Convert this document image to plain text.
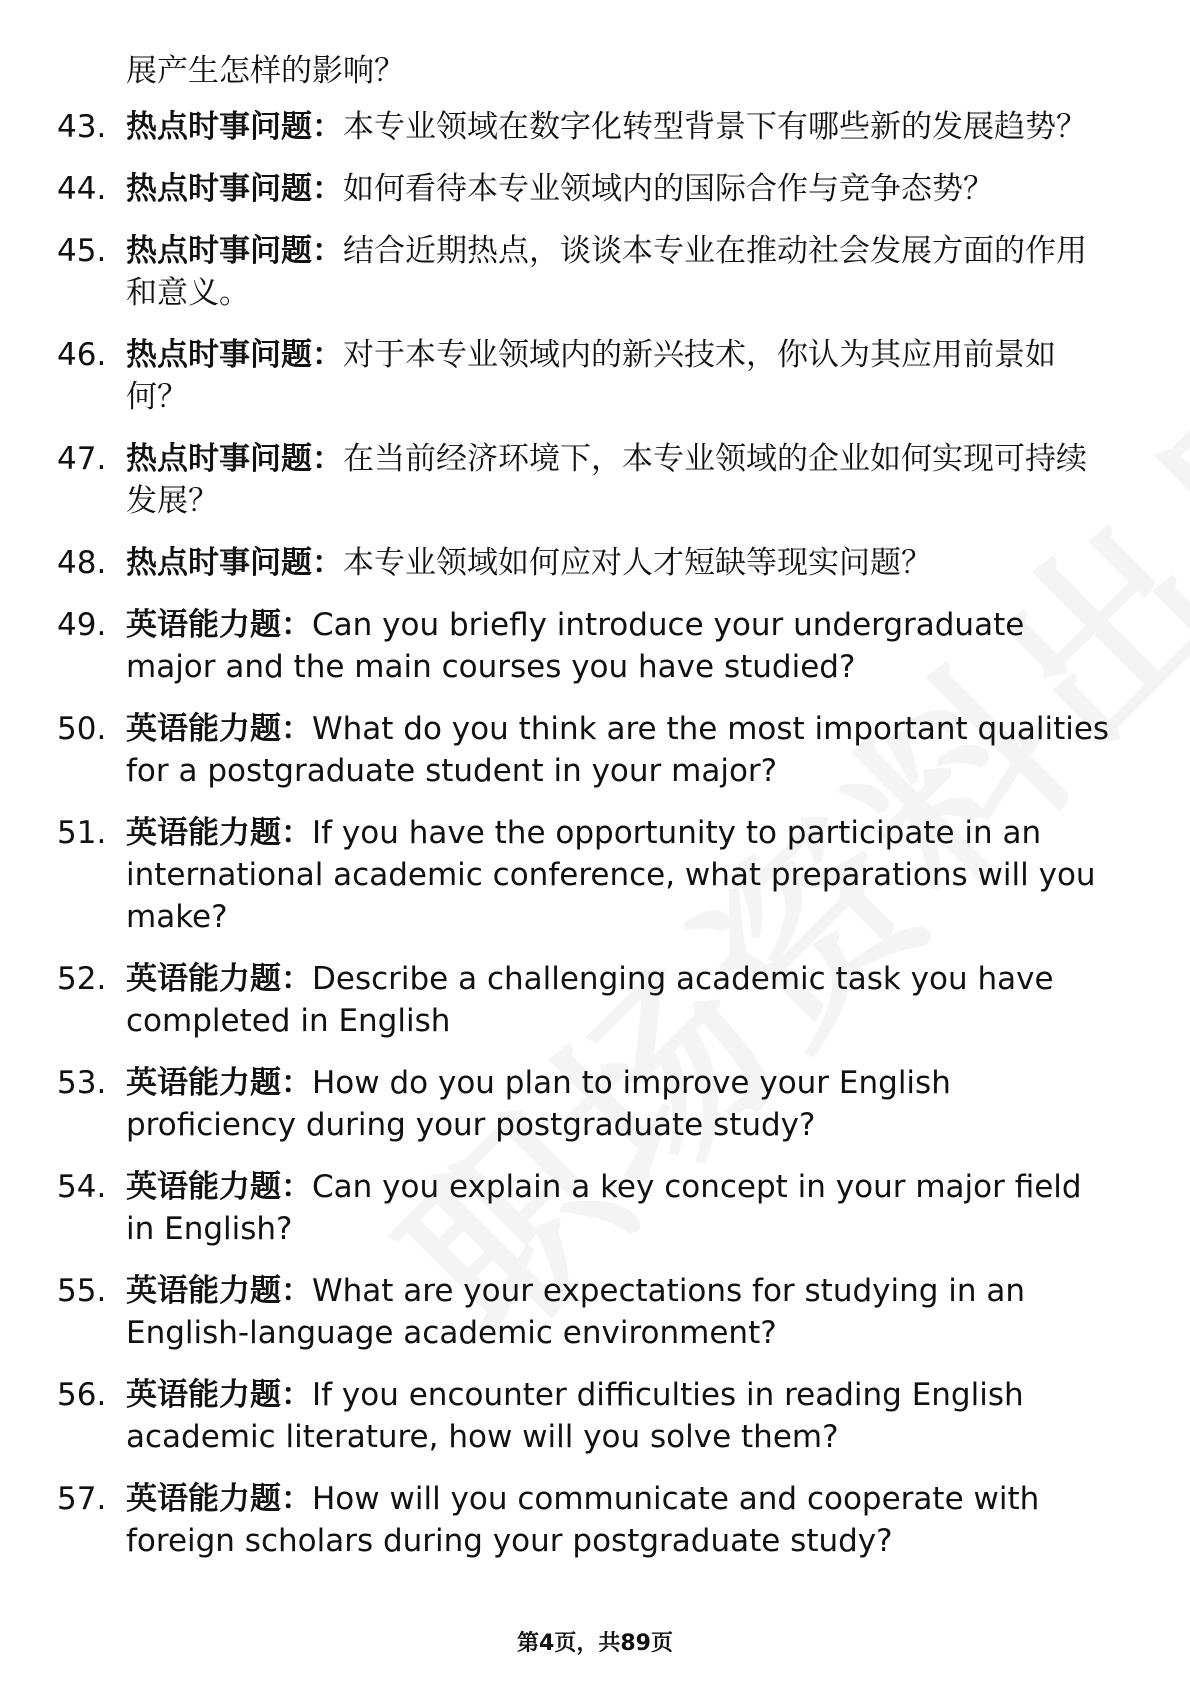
展产生怎样的影响？
43. 热点时事问题：本专业领域在数字化转型背景下有哪些新的发展趋势？
44. 热点时事问题：如何看待本专业领域内的国际合作与竞争态势？
45. 热点时事问题：结合近期热点，谈谈本专业在推动社会发展方面的作用和意义。
46. 热点时事问题：对于本专业领域内的新兴技术，你认为其应用前景如何？
47. 热点时事问题：在当前经济环境下，本专业领域的企业如何实现可持续发展？
48. 热点时事问题：本专业领域如何应对人才短缺等现实问题？
49. 英语能力题：Can you briefly introduce your undergraduate major and the main courses you have studied?
50. 英语能力题：What do you think are the most important qualities for a postgraduate student in your major?
51. 英语能力题：If you have the opportunity to participate in an international academic conference, what preparations will you make?
52. 英语能力题：Describe a challenging academic task you have completed in English
53. 英语能力题：How do you plan to improve your English proficiency during your postgraduate study?
54. 英语能力题：Can you explain a key concept in your major field in English?
55. 英语能力题：What are your expectations for studying in an English-language academic environment?
56. 英语能力题：If you encounter difficulties in reading English academic literature, how will you solve them?
57. 英语能力题：How will you communicate and cooperate with foreign scholars during your postgraduate study?
第4页，共89页
